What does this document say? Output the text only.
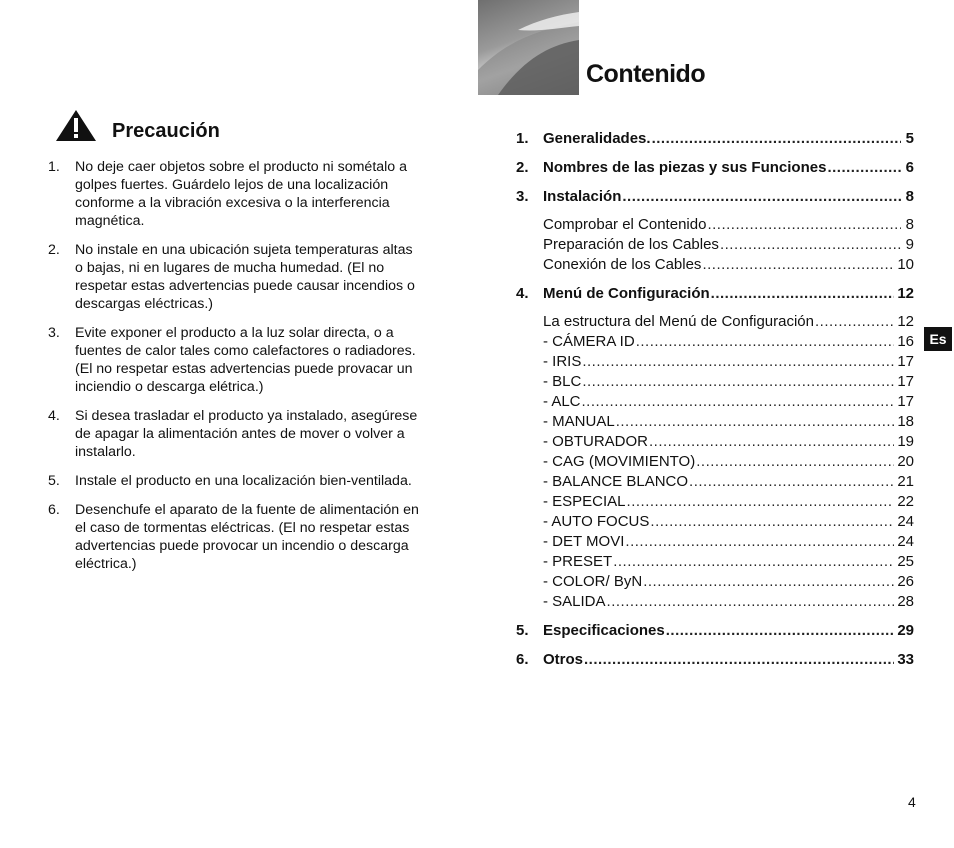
Contenido
Precaución
1. No deje caer objetos sobre el producto ni sométalo a golpes fuertes. Guárdelo lejos de una localización conforme a la vibración excesiva o la interferencia magnética.
2. No instale en una ubicación sujeta temperaturas altas o bajas, ni en lugares de mucha humedad. (El no respetar estas advertencias puede causar incendios o descargas eléctricas.)
3. Evite exponer el producto a la luz solar directa, o a fuentes de calor tales como calefactores o radiadores. (El no respetar estas advertencias puede provacar un inciendio o descarga elétrica.)
4. Si desea trasladar el producto ya instalado, asegúrese de apagar la alimentación antes de mover o volver a instalarlo.
5. Instale el producto en una localización bien-ventilada.
6. Desenchufe el aparato de la fuente de alimentación en el caso de tormentas eléctricas. (El no respetar estas advertencias puede provocar un incendio o descarga eléctrica.)
1. Generalidades. .....	5
2. Nombres de las piezas y sus Funciones .....	6
3. Instalación .....	8
Comprobar el Contenido .....	8
Preparación de los Cables .....	9
Conexión de los Cables .....	10
4. Menú de Configuración .....	12
La estructura del Menú de Configuración .....	12
- CÁMERA ID .....	16
- IRIS .....	17
- BLC .....	17
- ALC .....	17
- MANUAL .....	18
- OBTURADOR .....	19
- CAG (MOVIMIENTO) .....	20
- BALANCE BLANCO .....	21
- ESPECIAL .....	22
- AUTO FOCUS .....	24
- DET MOVI .....	24
- PRESET .....	25
- COLOR/ ByN .....	26
- SALIDA .....	28
5. Especificaciones .....	29
6. Otros .....	33
Es
4
